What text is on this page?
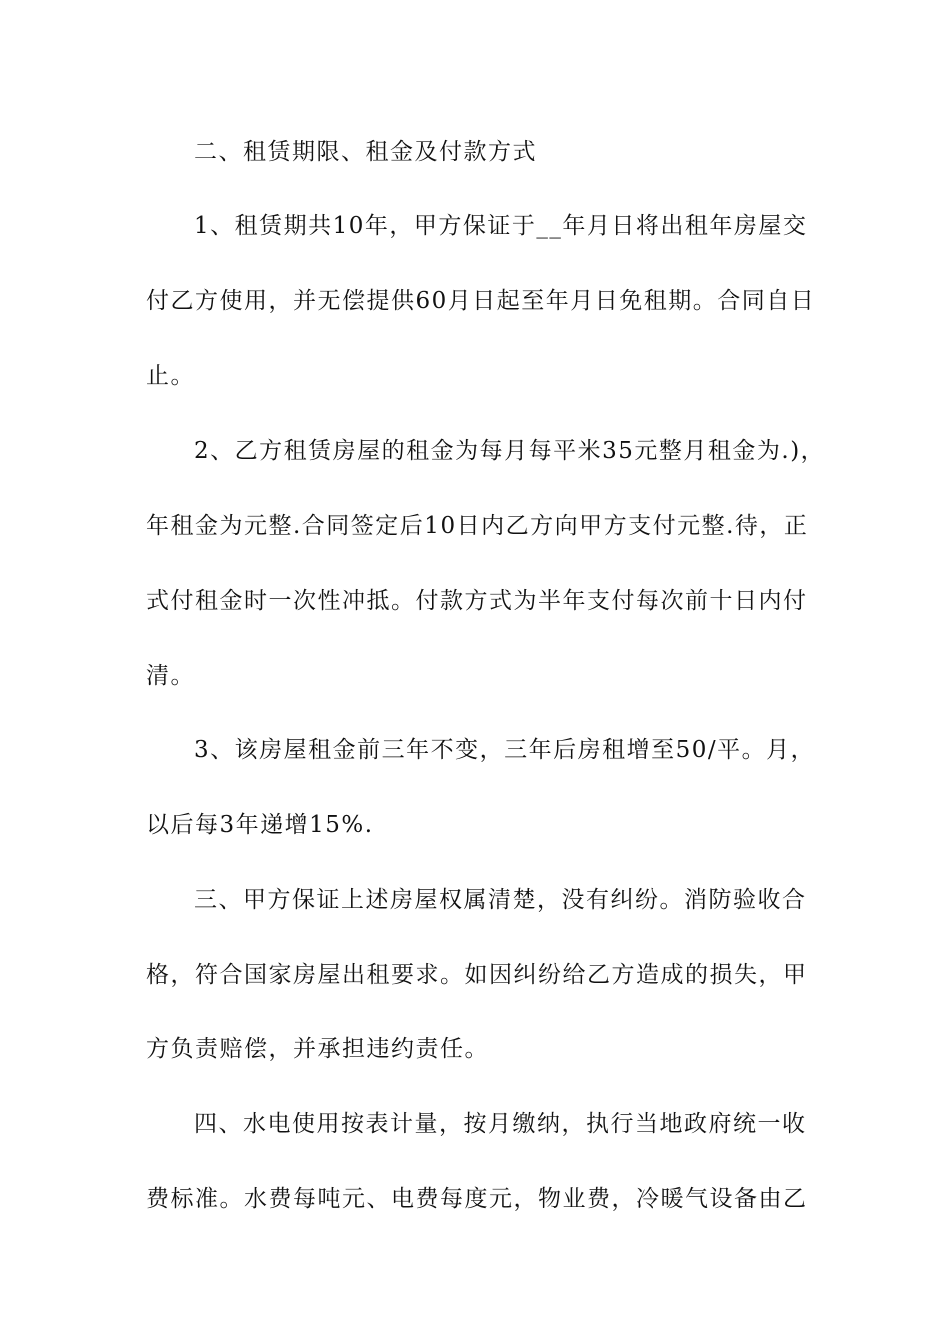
二、租赁期限、租金及付款方式
1、租赁期共10年，甲方保证于__年月日将出租年房屋交
付乙方使用，并无偿提供60月日起至年月日免租期。合同自日
止。
2、乙方租赁房屋的租金为每月每平米35元整月租金为.)，
年租金为元整.合同签定后10日内乙方向甲方支付元整.待，正
式付租金时一次性冲抵。付款方式为半年支付每次前十日内付
清。
3、该房屋租金前三年不变，三年后房租增至50/平。月，
以后每3年递增15%.
三、甲方保证上述房屋权属清楚，没有纠纷。消防验收合
格，符合国家房屋出租要求。如因纠纷给乙方造成的损失，甲
方负责赔偿，并承担违约责任。
四、水电使用按表计量，按月缴纳，执行当地政府统一收
费标准。水费每吨元、电费每度元，物业费，冷暖气设备由乙
